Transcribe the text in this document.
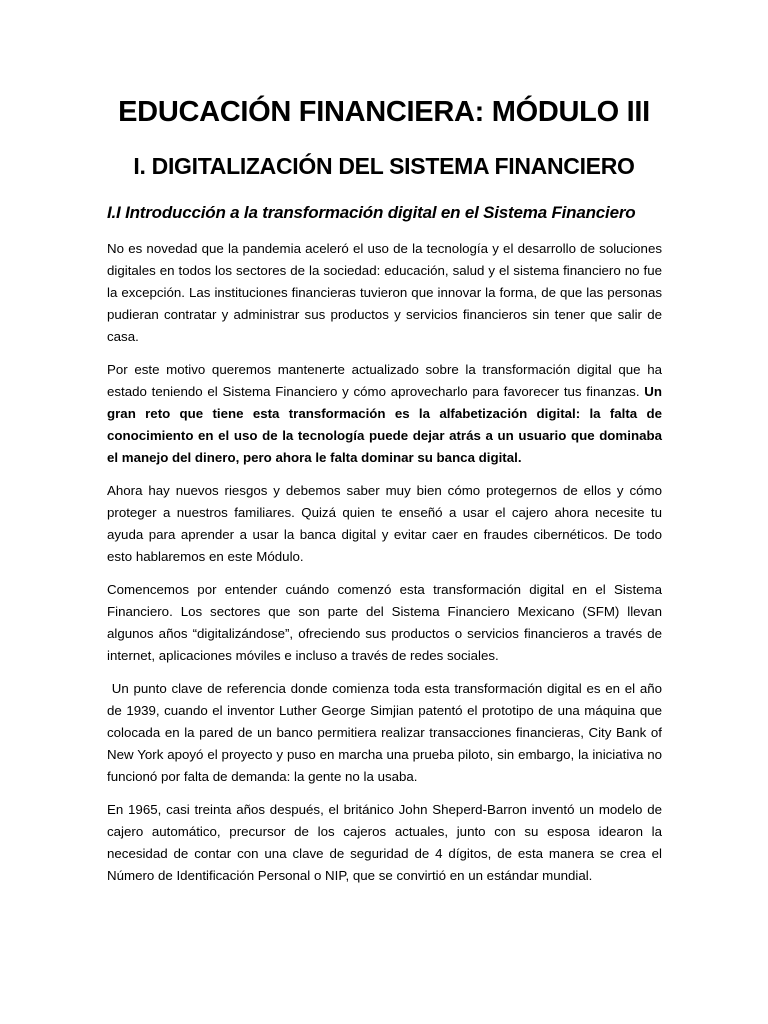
EDUCACIÓN FINANCIERA: MÓDULO III
I. DIGITALIZACIÓN DEL SISTEMA FINANCIERO
I.I Introducción a la transformación digital en el Sistema Financiero

No es novedad que la pandemia aceleró el uso de la tecnología y el desarrollo de soluciones digitales en todos los sectores de la sociedad: educación, salud y el sistema financiero no fue la excepción. Las instituciones financieras tuvieron que innovar la forma, de que las personas pudieran contratar y administrar sus productos y servicios financieros sin tener que salir de casa.

Por este motivo queremos mantenerte actualizado sobre la transformación digital que ha estado teniendo el Sistema Financiero y cómo aprovecharlo para favorecer tus finanzas. Un gran reto que tiene esta transformación es la alfabetización digital: la falta de conocimiento en el uso de la tecnología puede dejar atrás a un usuario que dominaba el manejo del dinero, pero ahora le falta dominar su banca digital.

Ahora hay nuevos riesgos y debemos saber muy bien cómo protegernos de ellos y cómo proteger a nuestros familiares. Quizá quien te enseñó a usar el cajero ahora necesite tu ayuda para aprender a usar la banca digital y evitar caer en fraudes cibernéticos. De todo esto hablaremos en este Módulo.

Comencemos por entender cuándo comenzó esta transformación digital en el Sistema Financiero. Los sectores que son parte del Sistema Financiero Mexicano (SFM) llevan algunos años “digitalizándose”, ofreciendo sus productos o servicios financieros a través de internet, aplicaciones móviles e incluso a través de redes sociales.

Un punto clave de referencia donde comienza toda esta transformación digital es en el año de 1939, cuando el inventor Luther George Simjian patentó el prototipo de una máquina que colocada en la pared de un banco permitiera realizar transacciones financieras, City Bank of New York apoyó el proyecto y puso en marcha una prueba piloto, sin embargo, la iniciativa no funcionó por falta de demanda: la gente no la usaba.

En 1965, casi treinta años después, el británico John Sheperd-Barron inventó un modelo de cajero automático, precursor de los cajeros actuales, junto con su esposa idearon la necesidad de contar con una clave de seguridad de 4 dígitos, de esta manera se crea el Número de Identificación Personal o NIP, que se convirtió en un estándar mundial.
